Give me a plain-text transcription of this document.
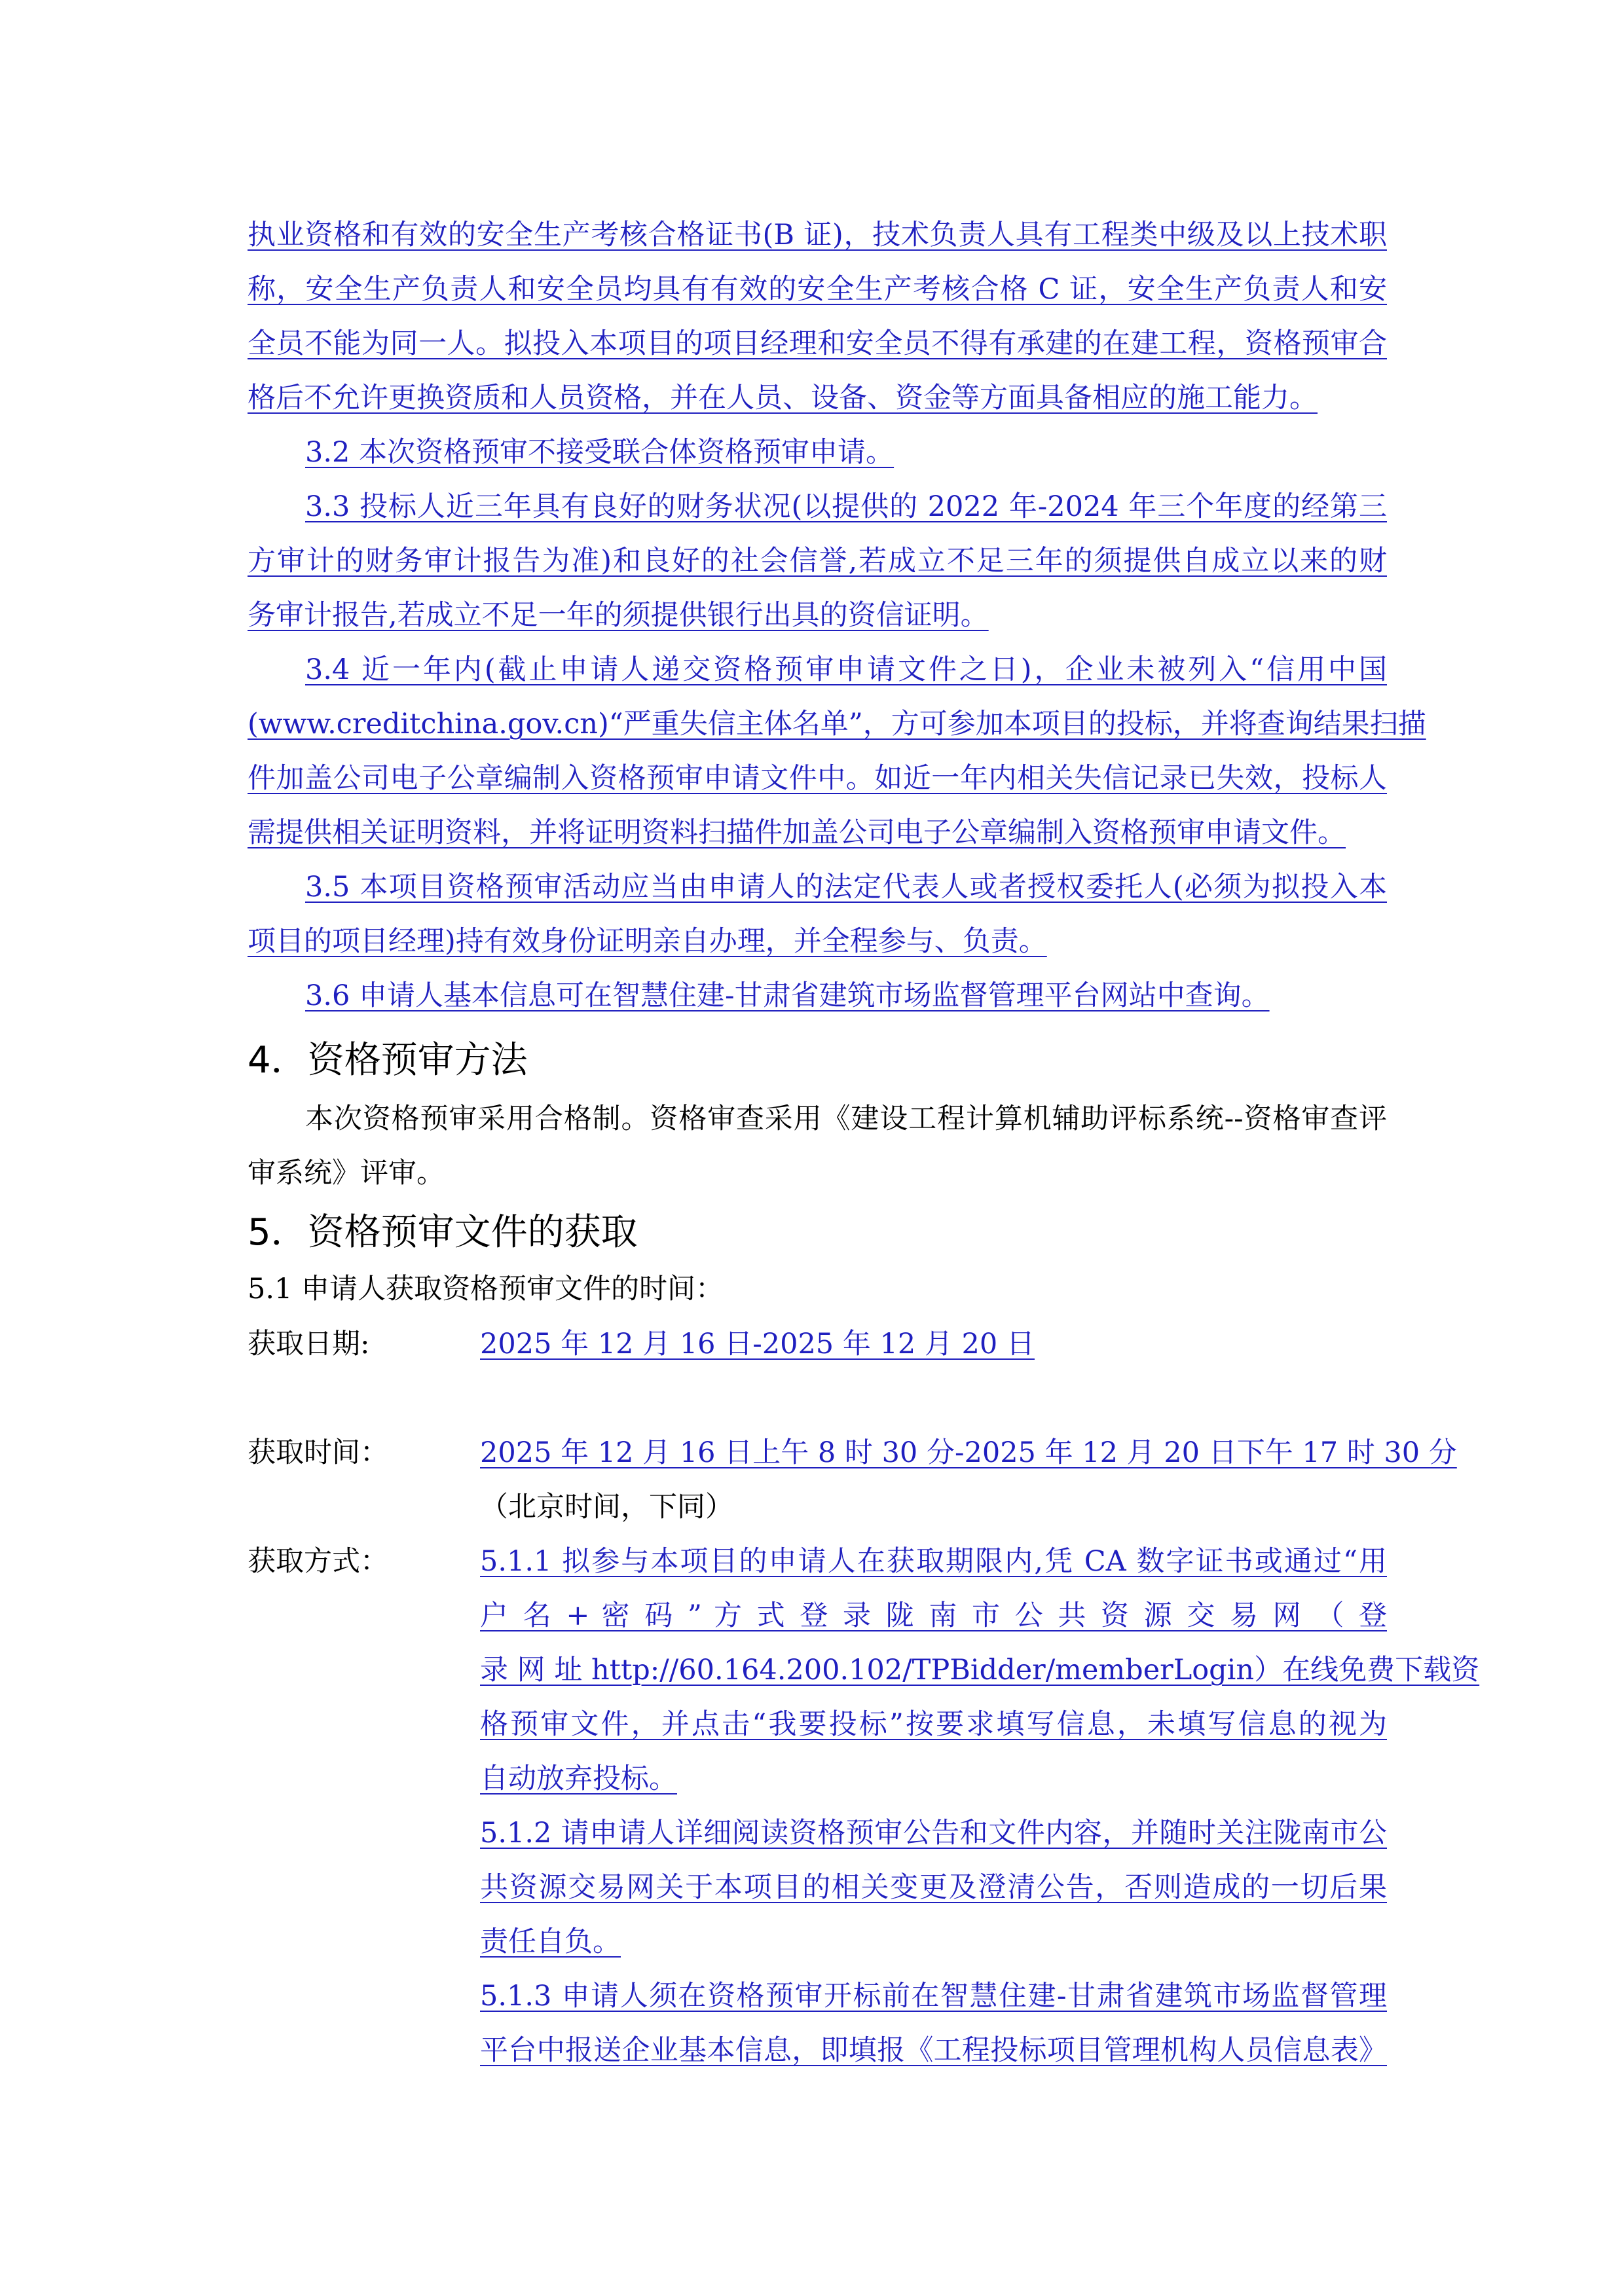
执业资格和有效的安全生产考核合格证书(B 证)，技术负责人具有工程类中级及以上技术职
称，安全生产负责人和安全员均具有有效的安全生产考核合格 C 证，安全生产负责人和安
全员不能为同一人。拟投入本项目的项目经理和安全员不得有承建的在建工程，资格预审合
格后不允许更换资质和人员资格，并在人员、设备、资金等方面具备相应的施工能力。
3.2 本次资格预审不接受联合体资格预审申请。
3.3 投标人近三年具有良好的财务状况(以提供的 2022 年-2024 年三个年度的经第三
方审计的财务审计报告为准)和良好的社会信誉,若成立不足三年的须提供自成立以来的财
务审计报告,若成立不足一年的须提供银行出具的资信证明。
3.4 近一年内(截止申请人递交资格预审申请文件之日)，企业未被列入“信用中国
(www.creditchina.gov.cn)“严重失信主体名单”，方可参加本项目的投标，并将查询结果扫描
件加盖公司电子公章编制入资格预审申请文件中。如近一年内相关失信记录已失效，投标人
需提供相关证明资料，并将证明资料扫描件加盖公司电子公章编制入资格预审申请文件。
3.5 本项目资格预审活动应当由申请人的法定代表人或者授权委托人(必须为拟投入本
项目的项目经理)持有效身份证明亲自办理，并全程参与、负责。
3.6 申请人基本信息可在智慧住建-甘肃省建筑市场监督管理平台网站中查询。
4．资格预审方法
本次资格预审采用合格制。资格审查采用《建设工程计算机辅助评标系统--资格审查评
审系统》评审。
5．资格预审文件的获取
5.1 申请人获取资格预审文件的时间：
获取日期:	2025 年 12 月 16 日-2025 年 12 月 20 日
获取时间：	2025 年 12 月 16 日上午 8 时 30 分-2025 年 12 月 20 日下午 17 时 30 分
（北京时间，下同）
获取方式：	5.1.1 拟参与本项目的申请人在获取期限内,凭 CA 数字证书或通过“用
户 名 + 密 码 ” 方 式 登 录 陇 南 市 公 共 资 源 交 易 网 （ 登
录 网 址 http://60.164.200.102/TPBidder/memberLogin）在线免费下载资
格预审文件，并点击“我要投标”按要求填写信息，未填写信息的视为
自动放弃投标。
5.1.2 请申请人详细阅读资格预审公告和文件内容，并随时关注陇南市公
共资源交易网关于本项目的相关变更及澄清公告，否则造成的一切后果
责任自负。
5.1.3 申请人须在资格预审开标前在智慧住建-甘肃省建筑市场监督管理
平台中报送企业基本信息，即填报《工程投标项目管理机构人员信息表》
